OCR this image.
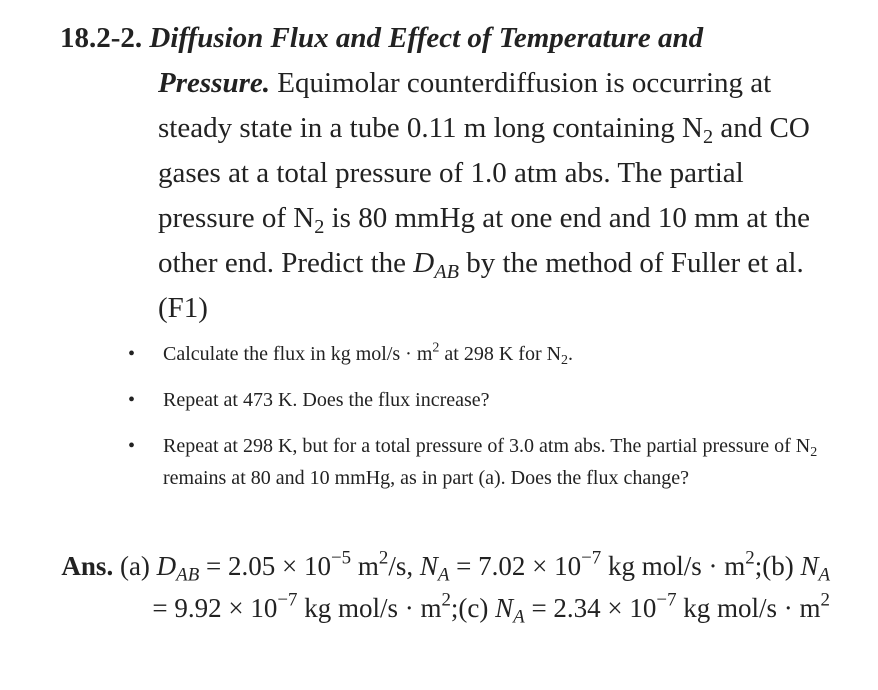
18.2-2. Diffusion Flux and Effect of Temperature and
Pressure. Equimolar counterdiffusion is occurring at steady state in a tube 0.11 m long containing $N_2$ and CO gases at a total pressure of 1.0 atm abs. The partial pressure of $N_2$ is 80 mmHg at one end and 10 mm at the other end. Predict the $D_{AB}$ by the method of Fuller et al. (F1)
• Calculate the flux in kg $mol/s \cdot m^2$ at 298 K for $N_2$.
• Repeat at 473 K. Does the flux increase?
• Repeat at 298 K, but for a total pressure of 3.0 atm abs. The partial pressure of $N_2$ remains at 80 and 10 mmHg, as in part (a). Does the flux change?
Ans. (a) $D_{AB} = 2.05 \times 10^{-5}$ $m^2/s$, $N_A = 7.02 \times 10^{-7}$ kg $mol/s \cdot m^2;(b) N_A = 9.92 \times 10^{-7}$ kg $mol/s \cdot m^2;(c) N_A = 2.34 \times 10^{-7}$ kg $mol/s \cdot m^2$
